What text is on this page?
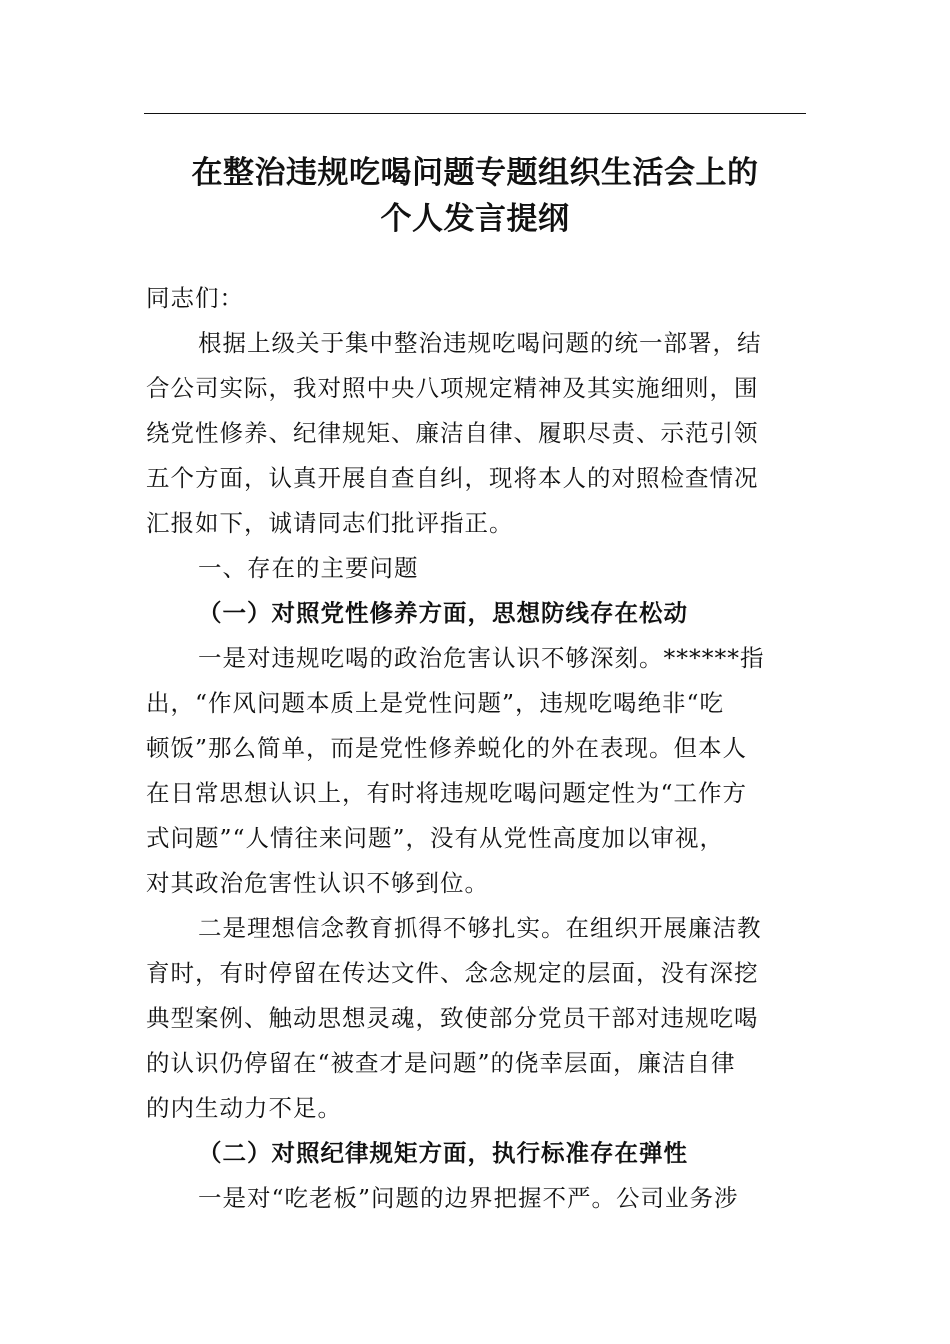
在整治违规吃喝问题专题组织生活会上的
个人发言提纲
同志们：
根据上级关于集中整治违规吃喝问题的统一部署，结
合公司实际，我对照中央八项规定精神及其实施细则，围
绕党性修养、纪律规矩、廉洁自律、履职尽责、示范引领
五个方面，认真开展自查自纠，现将本人的对照检查情况
汇报如下，诚请同志们批评指正。
一、存在的主要问题
（一）对照党性修养方面，思想防线存在松动
一是对违规吃喝的政治危害认识不够深刻。******指
出，“作风问题本质上是党性问题”，违规吃喝绝非“吃
顿饭”那么简单，而是党性修养蜕化的外在表现。但本人
在日常思想认识上，有时将违规吃喝问题定性为“工作方
式问题”“人情往来问题”，没有从党性高度加以审视，
对其政治危害性认识不够到位。
二是理想信念教育抓得不够扎实。在组织开展廉洁教
育时，有时停留在传达文件、念念规定的层面，没有深挖
典型案例、触动思想灵魂，致使部分党员干部对违规吃喝
的认识仍停留在“被查才是问题”的侥幸层面，廉洁自律
的内生动力不足。
（二）对照纪律规矩方面，执行标准存在弹性
一是对“吃老板”问题的边界把握不严。公司业务涉
